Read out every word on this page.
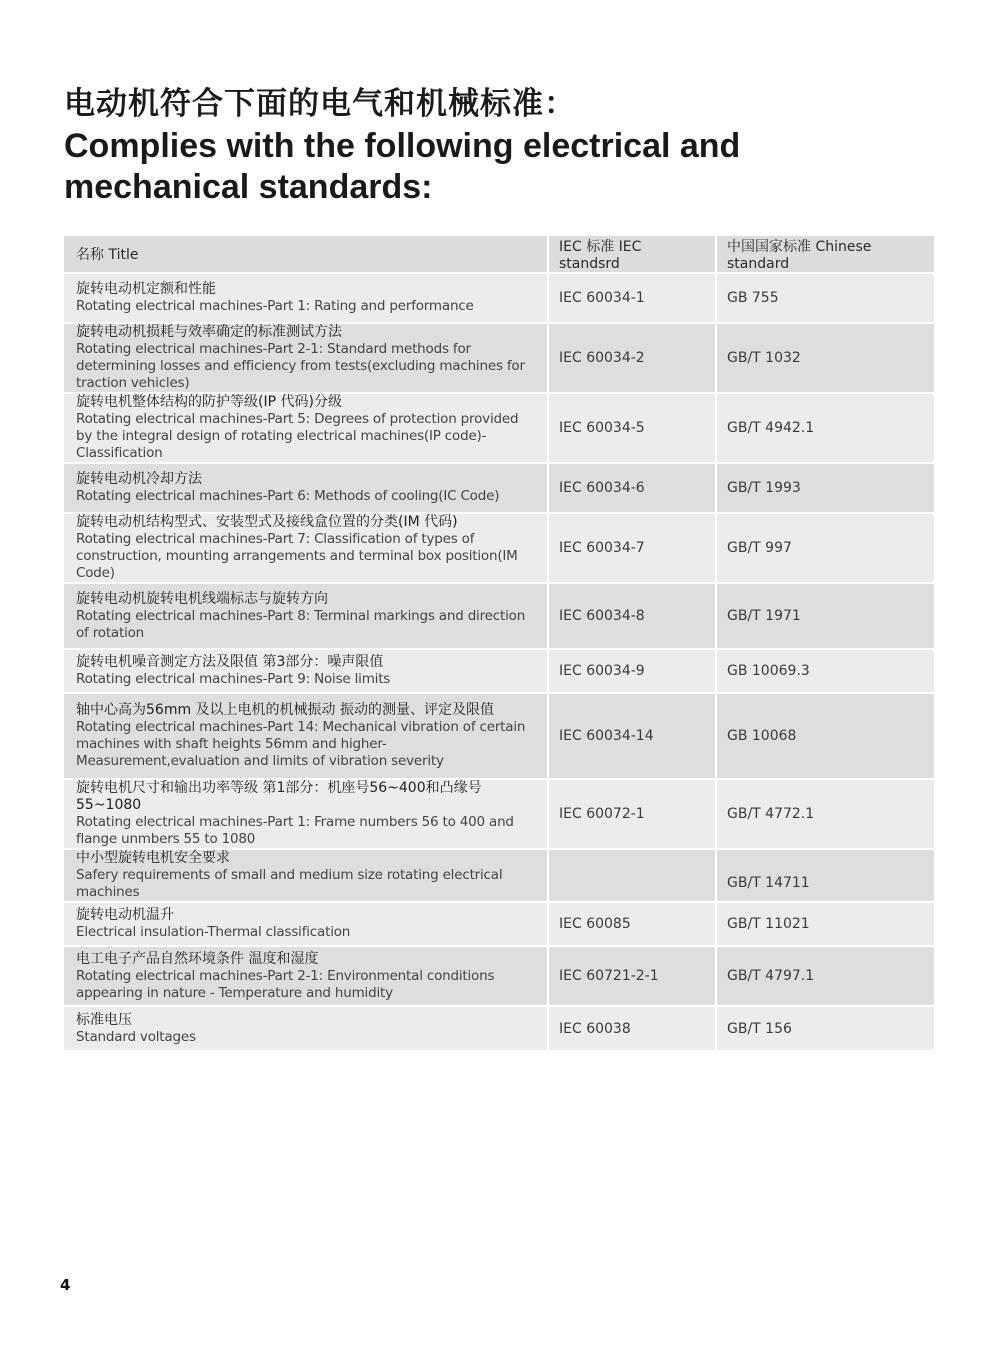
电动机符合下面的电气和机械标准：
Complies with the following electrical and mechanical standards:
名称 Title	IEC 标准 IEC standsrd	中国国家标准 Chinese standard

旋转电动机定额和性能
Rotating electrical machines-Part 1: Rating and performance	IEC 60034-1	GB 755

旋转电动机损耗与效率确定的标准测试方法
Rotating electrical machines-Part 2-1: Standard methods for determining losses and efficiency from tests(excluding machines for traction vehicles)	IEC 60034-2	GB/T 1032

旋转电机整体结构的防护等级(IP 代码)分级
Rotating electrical machines-Part 5: Degrees of protection provided by the integral design of rotating electrical machines(IP code)-Classification	IEC 60034-5	GB/T 4942.1

旋转电动机冷却方法
Rotating electrical machines-Part 6: Methods of cooling(IC Code)	IEC 60034-6	GB/T 1993

旋转电动机结构型式、安装型式及接线盒位置的分类(IM 代码)
Rotating electrical machines-Part 7: Classification of types of construction, mounting arrangements and terminal box position(IM Code)	IEC 60034-7	GB/T 997

旋转电动机旋转电机线端标志与旋转方向
Rotating electrical machines-Part 8: Terminal markings and direction of rotation	IEC 60034-8	GB/T 1971

旋转电机噪音测定方法及限值 第3部分：噪声限值
Rotating electrical machines-Part 9: Noise limits	IEC 60034-9	GB 10069.3

轴中心高为56mm 及以上电机的机械振动 振动的测量、评定及限值
Rotating electrical machines-Part 14: Mechanical vibration of certain machines with shaft heights 56mm and higher-Measurement,evaluation and limits of vibration severity	IEC 60034-14	GB 10068

旋转电机尺寸和输出功率等级 第1部分：机座号56~400和凸缘号55~1080
Rotating electrical machines-Part 1: Frame numbers 56 to 400 and flange unmbers 55 to 1080	IEC 60072-1	GB/T 4772.1

中小型旋转电机安全要求
Safery requirements of small and medium size rotating electrical machines		GB/T 14711

旋转电动机温升
Electrical insulation-Thermal classification	IEC 60085	GB/T 11021

电工电子产品自然环境条件 温度和湿度
Rotating electrical machines-Part 2-1: Environmental conditions appearing in nature - Temperature and humidity	IEC 60721-2-1	GB/T 4797.1

标准电压
Standard voltages	IEC 60038	GB/T 156
4
